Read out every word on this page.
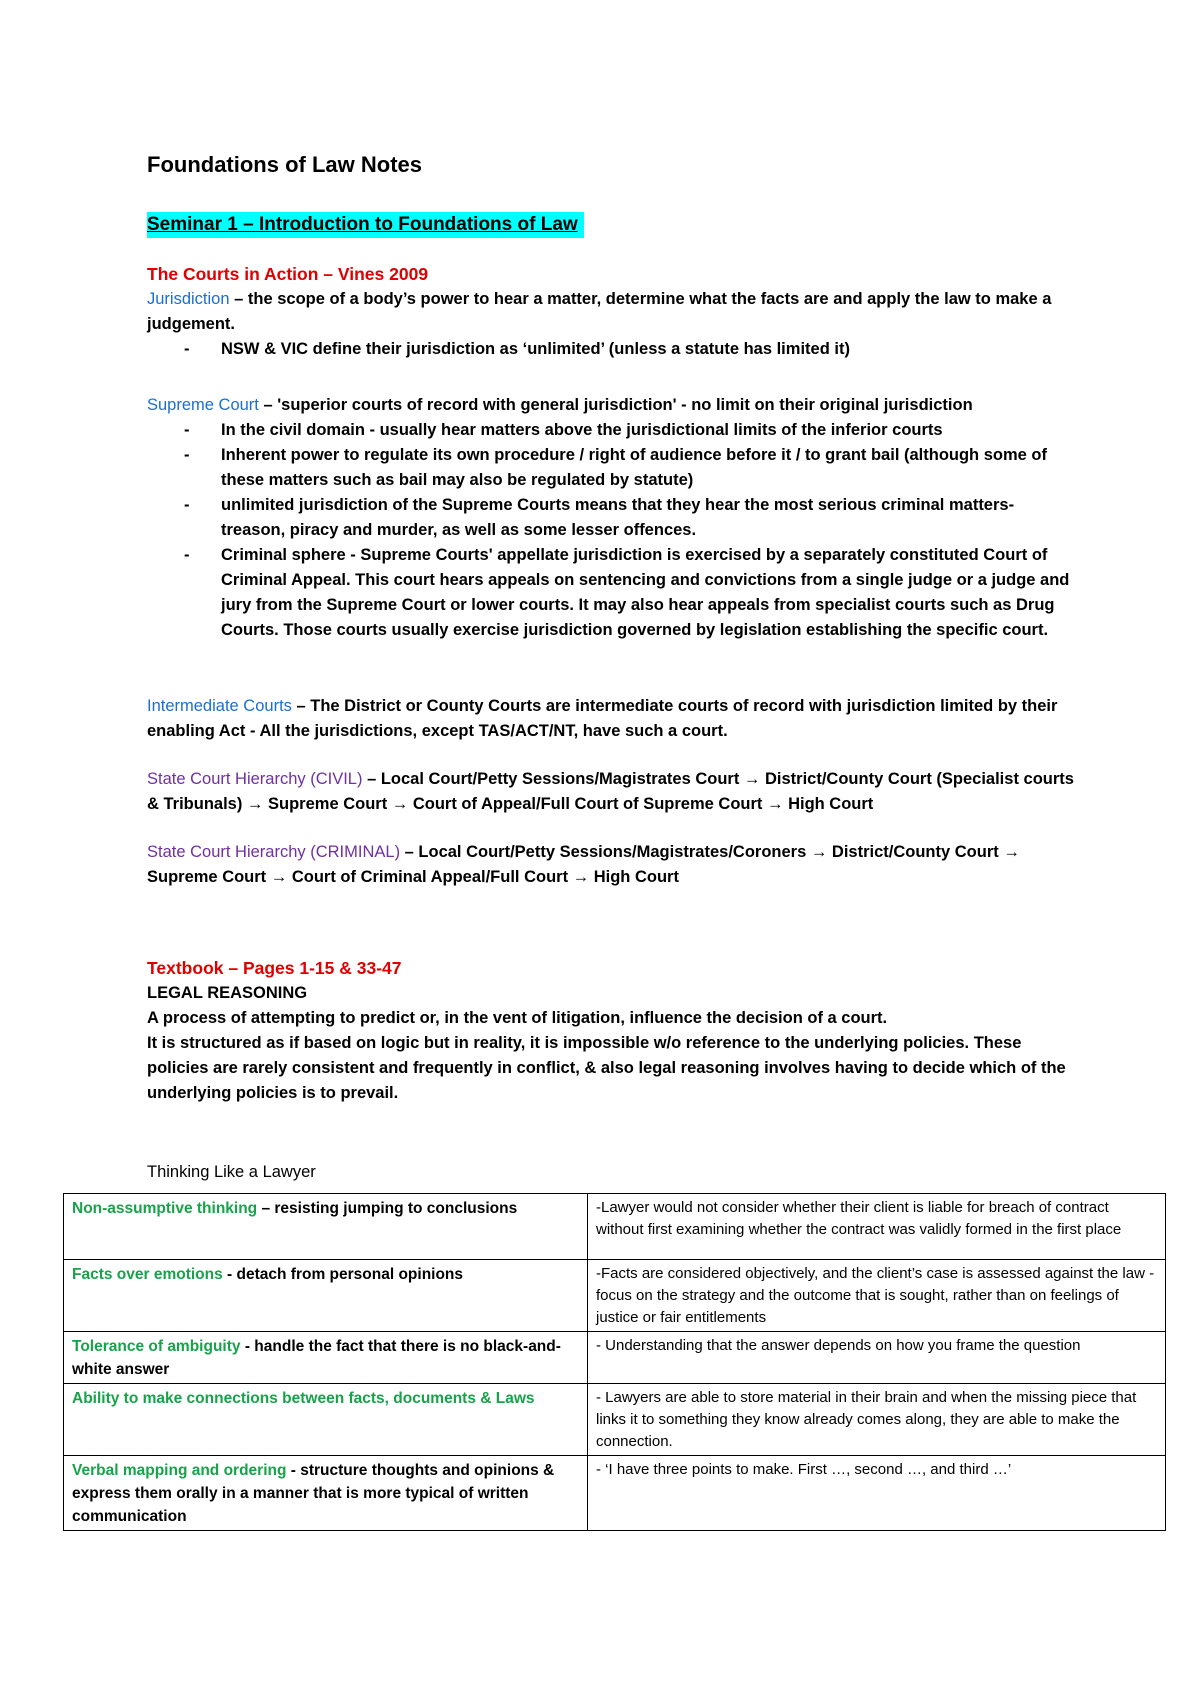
Foundations of Law Notes
Seminar 1 – Introduction to Foundations of Law
The Courts in Action – Vines 2009
Jurisdiction – the scope of a body’s power to hear a matter, determine what the facts are and apply the law to make a judgement.
- NSW & VIC define their jurisdiction as ‘unlimited’ (unless a statute has limited it)
Supreme Court – 'superior courts of record with general jurisdiction' - no limit on their original jurisdiction
- In the civil domain - usually hear matters above the jurisdictional limits of the inferior courts
- Inherent power to regulate its own procedure / right of audience before it / to grant bail (although some of these matters such as bail may also be regulated by statute)
- unlimited jurisdiction of the Supreme Courts means that they hear the most serious criminal matters- treason, piracy and murder, as well as some lesser offences.
- Criminal sphere - Supreme Courts' appellate jurisdiction is exercised by a separately constituted Court of Criminal Appeal. This court hears appeals on sentencing and convictions from a single judge or a judge and jury from the Supreme Court or lower courts. It may also hear appeals from specialist courts such as Drug Courts. Those courts usually exercise jurisdiction governed by legislation establishing the specific court.
Intermediate Courts – The District or County Courts are intermediate courts of record with jurisdiction limited by their enabling Act - All the jurisdictions, except TAS/ACT/NT, have such a court.
State Court Hierarchy (CIVIL) – Local Court/Petty Sessions/Magistrates Court → District/County Court (Specialist courts & Tribunals) → Supreme Court → Court of Appeal/Full Court of Supreme Court → High Court
State Court Hierarchy (CRIMINAL) – Local Court/Petty Sessions/Magistrates/Coroners → District/County Court → Supreme Court → Court of Criminal Appeal/Full Court → High Court
Textbook – Pages 1-15 & 33-47
LEGAL REASONING
A process of attempting to predict or, in the vent of litigation, influence the decision of a court.
It is structured as if based on logic but in reality, it is impossible w/o reference to the underlying policies. These policies are rarely consistent and frequently in conflict, & also legal reasoning involves having to decide which of the underlying policies is to prevail.
Thinking Like a Lawyer
Non-assumptive thinking – resisting jumping to conclusions	-Lawyer would not consider whether their client is liable for breach of contract without first examining whether the contract was validly formed in the first place
Facts over emotions - detach from personal opinions	-Facts are considered objectively, and the client’s case is assessed against the law - focus on the strategy and the outcome that is sought, rather than on feelings of justice or fair entitlements
Tolerance of ambiguity - handle the fact that there is no black-and-white answer	- Understanding that the answer depends on how you frame the question
Ability to make connections between facts, documents & Laws	- Lawyers are able to store material in their brain and when the missing piece that links it to something they know already comes along, they are able to make the connection.
Verbal mapping and ordering - structure thoughts and opinions & express them orally in a manner that is more typical of written communication	- ‘I have three points to make. First …, second …, and third …’
